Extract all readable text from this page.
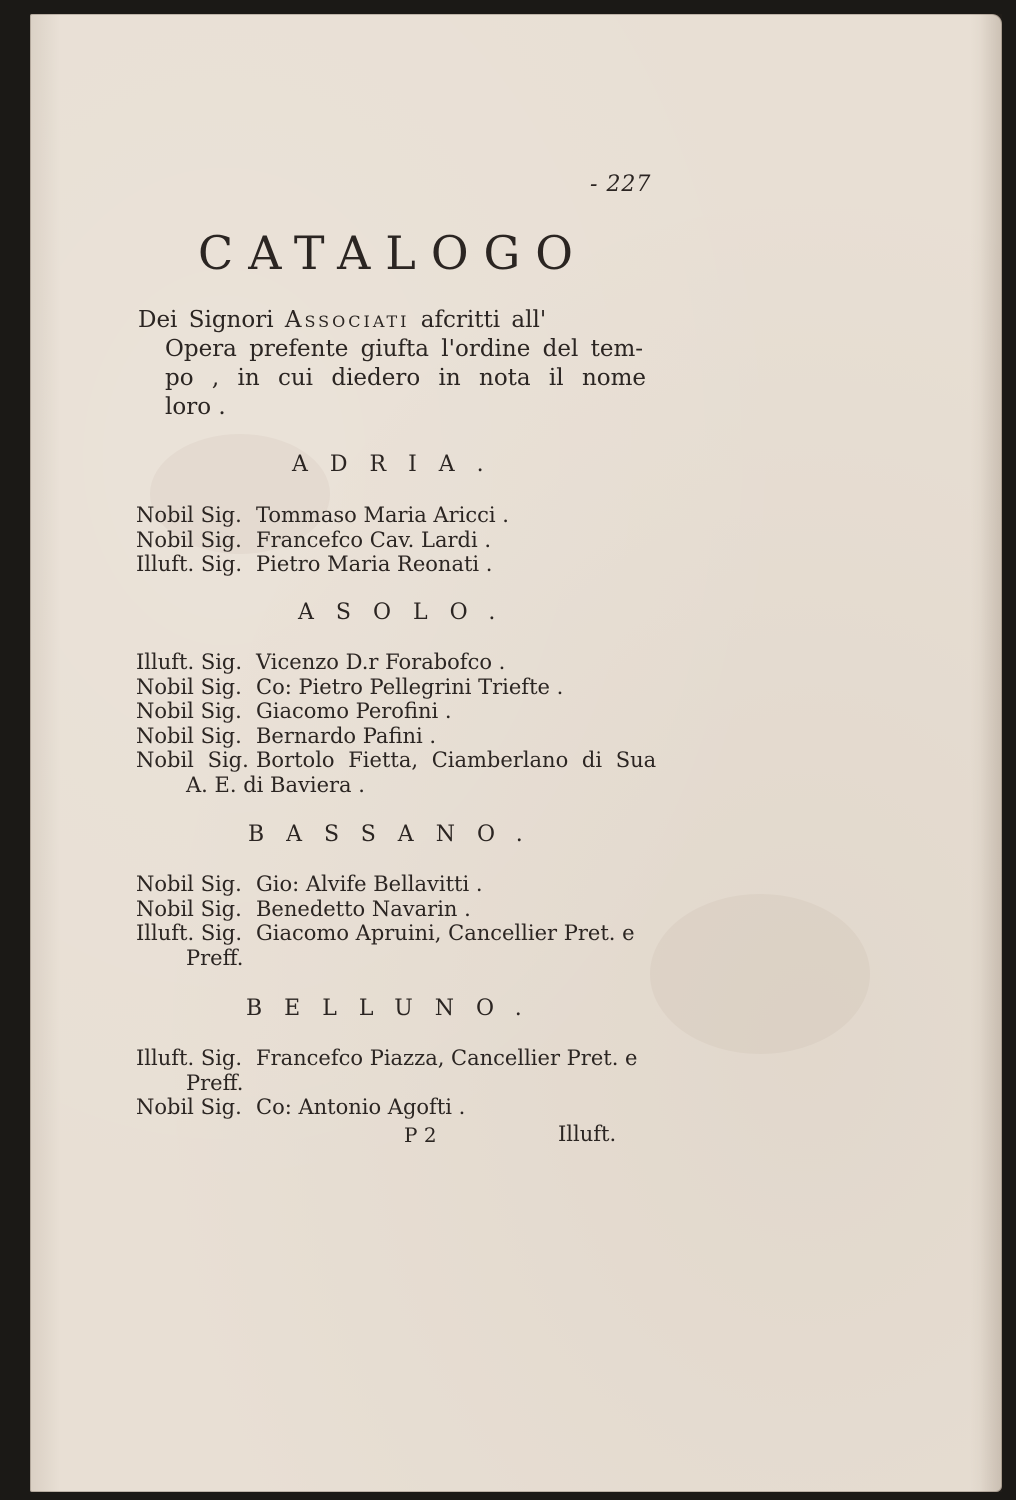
- 227
CATALOGO
Dei Signori Associati afcritti all'
Opera prefente giufta l'ordine del tem-
po , in cui diedero in nota il nome
loro .
ADRIA.
Nobil Sig. Tommaso Maria Aricci .
Nobil Sig. Francefco Cav. Lardi .
Illuft. Sig. Pietro Maria Reonati .
ASOLO.
Illuft. Sig. Vicenzo D.r Forabofco .
Nobil Sig. Co: Pietro Pellegrini Triefte .
Nobil Sig. Giacomo Perofini .
Nobil Sig. Bernardo Pafini .
Nobil Sig. Bortolo Fietta, Ciamberlano di Sua
A. E. di Baviera .
BASSANO.
Nobil Sig. Gio: Alvife Bellavitti .
Nobil Sig. Benedetto Navarin .
Illuft. Sig. Giacomo Apruini, Cancellier Pret. e
Preff.
BELLUNO.
Illuft. Sig. Francefco Piazza, Cancellier Pret. e
Preff.
Nobil Sig. Co: Antonio Agofti .
P 2	Illuft.
